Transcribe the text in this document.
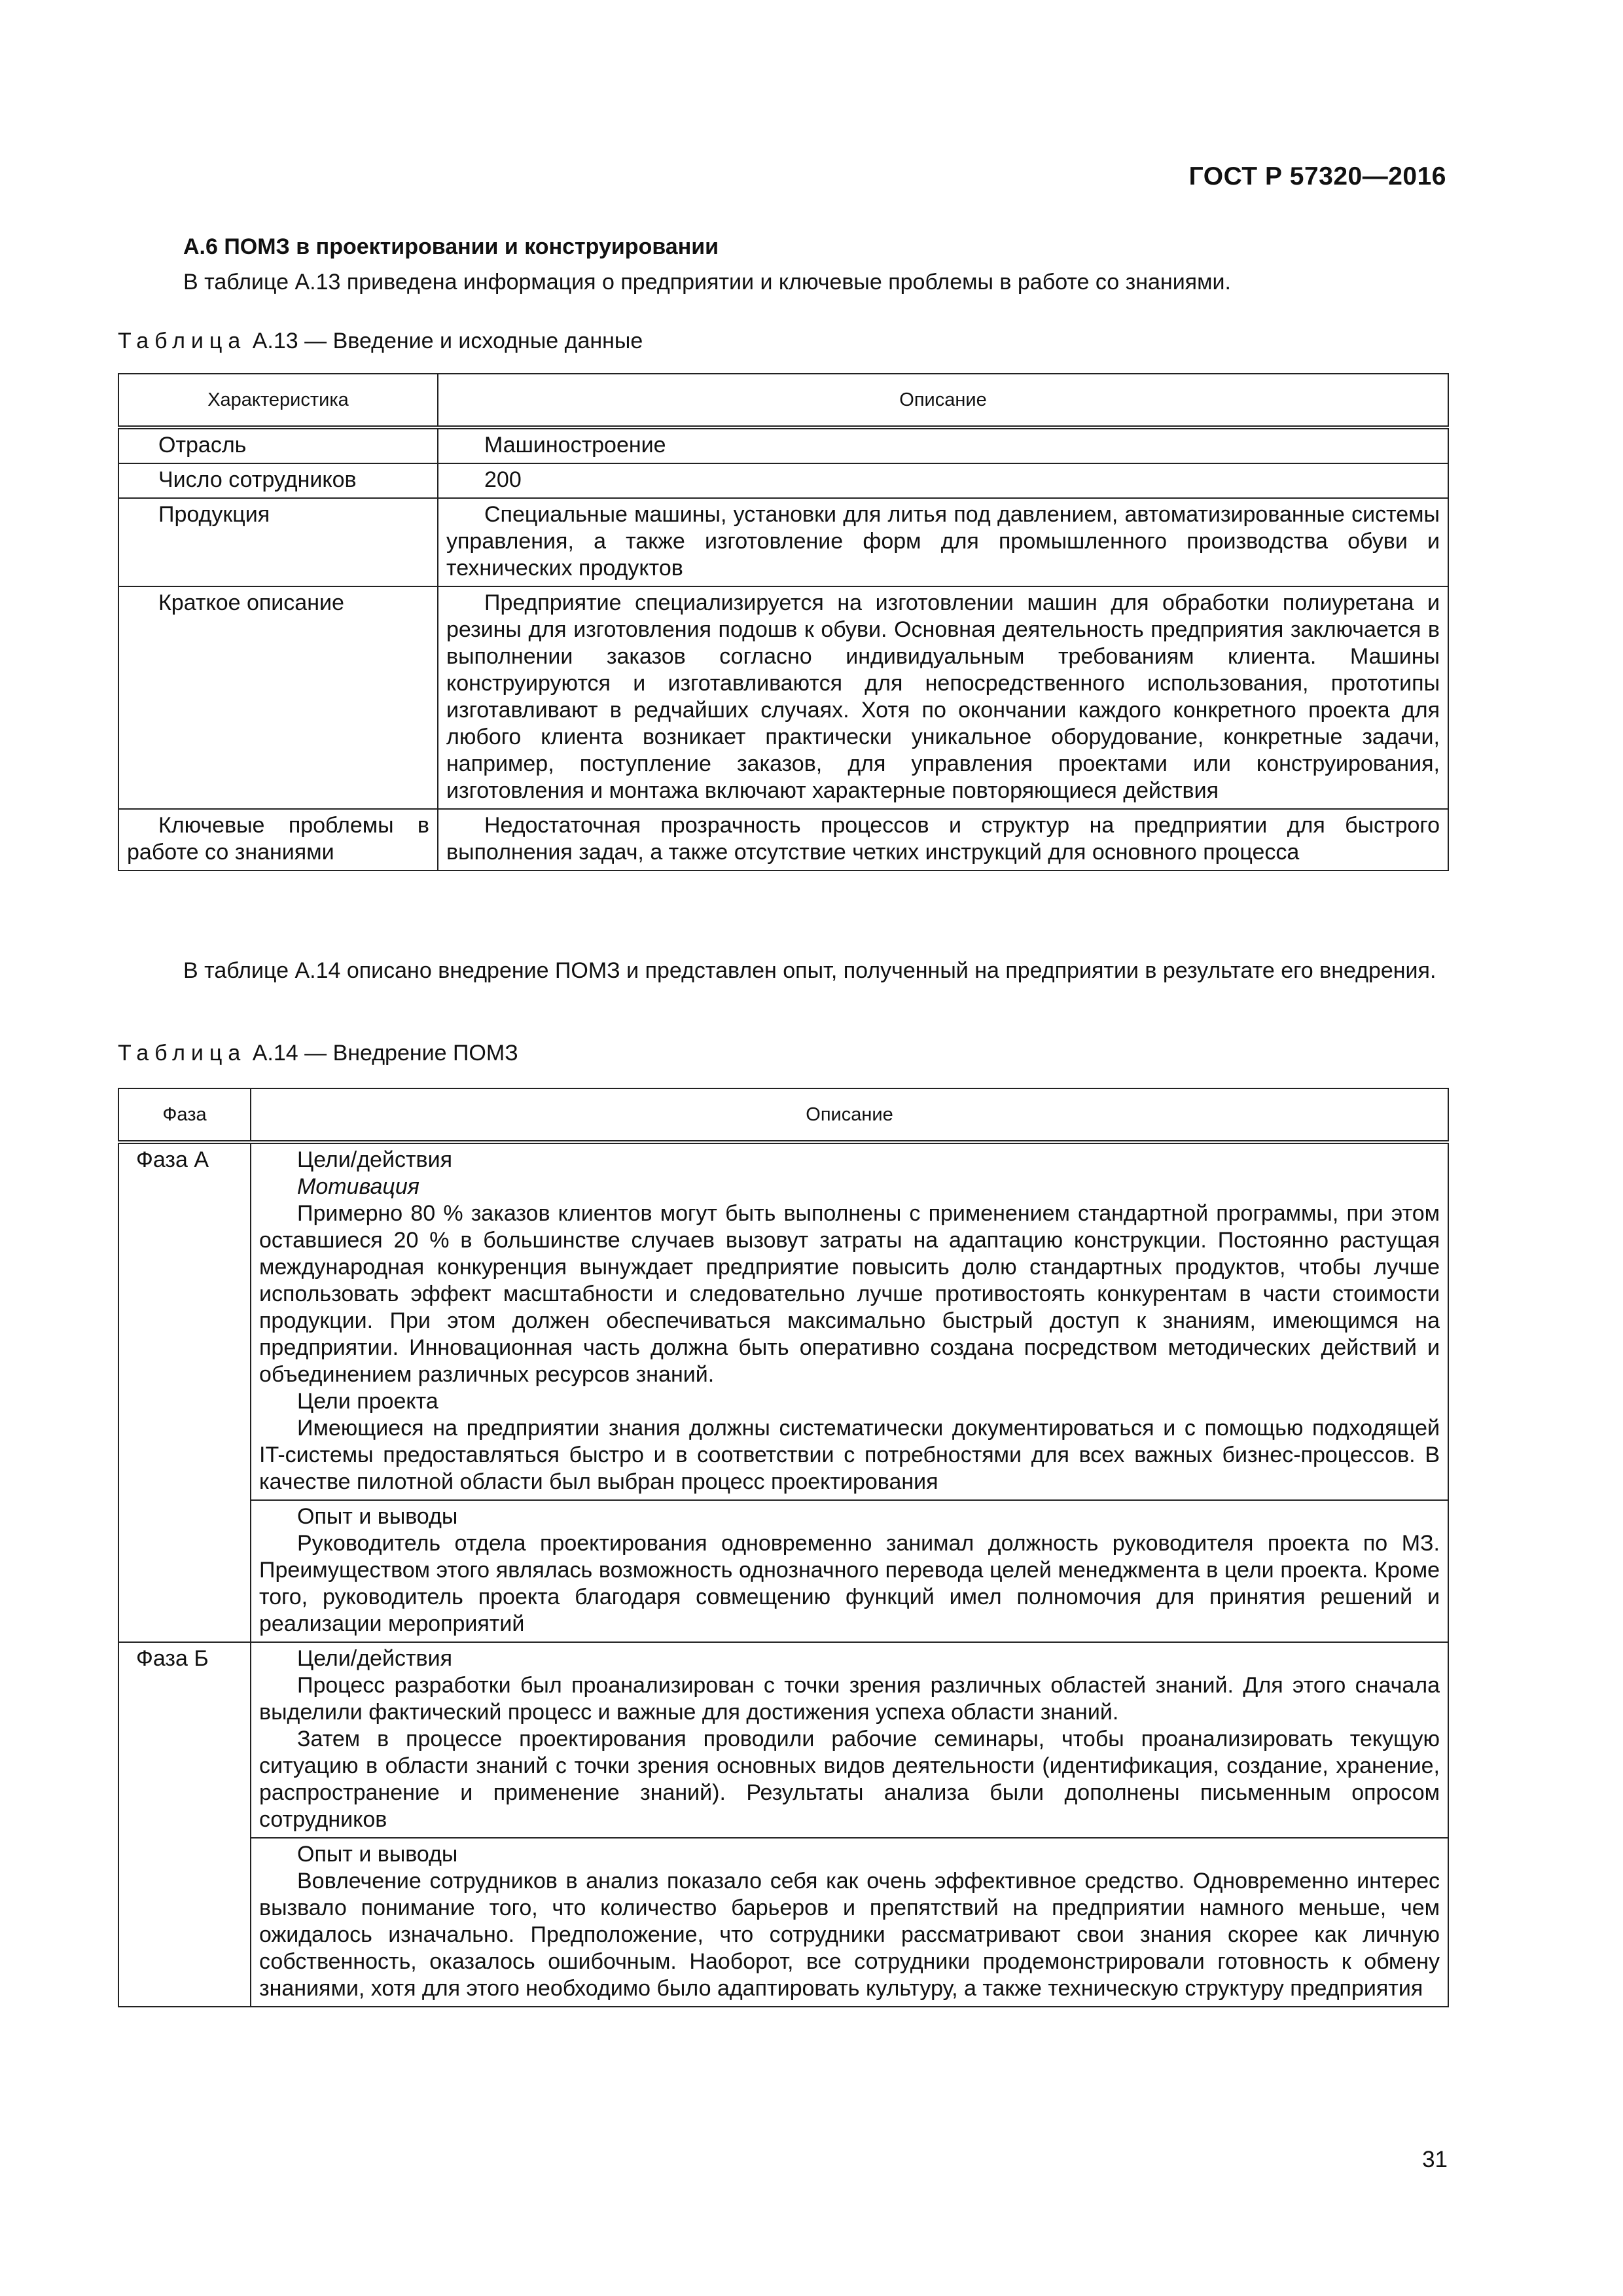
ГОСТ Р 57320—2016
А.6 ПОМЗ в проектировании и конструировании
В таблице А.13 приведена информация о предприятии и ключевые проблемы в работе со знаниями.
Таблица А.13 — Введение и исходные данные
Характеристика	Описание
Отрасль	Машиностроение
Число сотрудников	200
Продукция	Специальные машины, установки для литья под давлением, автоматизированные системы управления, а также изготовление форм для промышленного производства обуви и технических продуктов
Краткое описание	Предприятие специализируется на изготовлении машин для обработки полиуретана и резины для изготовления подошв к обуви. Основная деятельность предприятия заключается в выполнении заказов согласно индивидуальным требованиям клиента. Машины конструируются и изготавливаются для непосредственного использования, прототипы изготавливают в редчайших случаях. Хотя по окончании каждого конкретного проекта для любого клиента возникает практически уникальное оборудование, конкретные задачи, например, поступление заказов, для управления проектами или конструирования, изготовления и монтажа включают характерные повторяющиеся действия
Ключевые проблемы в работе со знаниями	Недостаточная прозрачность процессов и структур на предприятии для быстрого выполнения задач, а также отсутствие четких инструкций для основного процесса
В таблице А.14 описано внедрение ПОМЗ и представлен опыт, полученный на предприятии в результате его внедрения.
Таблица А.14 — Внедрение ПОМЗ
Фаза	Описание
Фаза А	Цели/действия

Мотивация

Примерно 80 % заказов клиентов могут быть выполнены с применением стандартной программы, при этом оставшиеся 20 % в большинстве случаев вызовут затраты на адаптацию конструкции. Постоянно растущая международная конкуренция вынуждает предприятие повысить долю стандартных продуктов, чтобы лучше использовать эффект масштабности и следовательно лучше противостоять конкурентам в части стоимости продукции. При этом должен обеспечиваться максимально быстрый доступ к знаниям, имеющимся на предприятии. Инновационная часть должна быть оперативно создана посредством методических действий и объединением различных ресурсов знаний.

Цели проекта

Имеющиеся на предприятии знания должны систематически документироваться и с помощью подходящей IT-системы предоставляться быстро и в соответствии с потребностями для всех важных бизнес-процессов. В качестве пилотной области был выбран процесс проектирования

	Опыт и выводы

Руководитель отдела проектирования одновременно занимал должность руководителя проекта по МЗ. Преимуществом этого являлась возможность однозначного перевода целей менеджмента в цели проекта. Кроме того, руководитель проекта благодаря совмещению функций имел полномочия для принятия решений и реализации мероприятий

Фаза Б	Цели/действия

Процесс разработки был проанализирован с точки зрения различных областей знаний. Для этого сначала выделили фактический процесс и важные для достижения успеха области знаний.

Затем в процессе проектирования проводили рабочие семинары, чтобы проанализировать текущую ситуацию в области знаний с точки зрения основных видов деятельности (идентификация, создание, хранение, распространение и применение знаний). Результаты анализа были дополнены письменным опросом сотрудников

	Опыт и выводы

Вовлечение сотрудников в анализ показало себя как очень эффективное средство. Одновременно интерес вызвало понимание того, что количество барьеров и препятствий на предприятии намного меньше, чем ожидалось изначально. Предположение, что сотрудники рассматривают свои знания скорее как личную собственность, оказалось ошибочным. Наоборот, все сотрудники продемонстрировали готовность к обмену знаниями, хотя для этого необходимо было адаптировать культуру, а также техническую структуру предприятия

31
